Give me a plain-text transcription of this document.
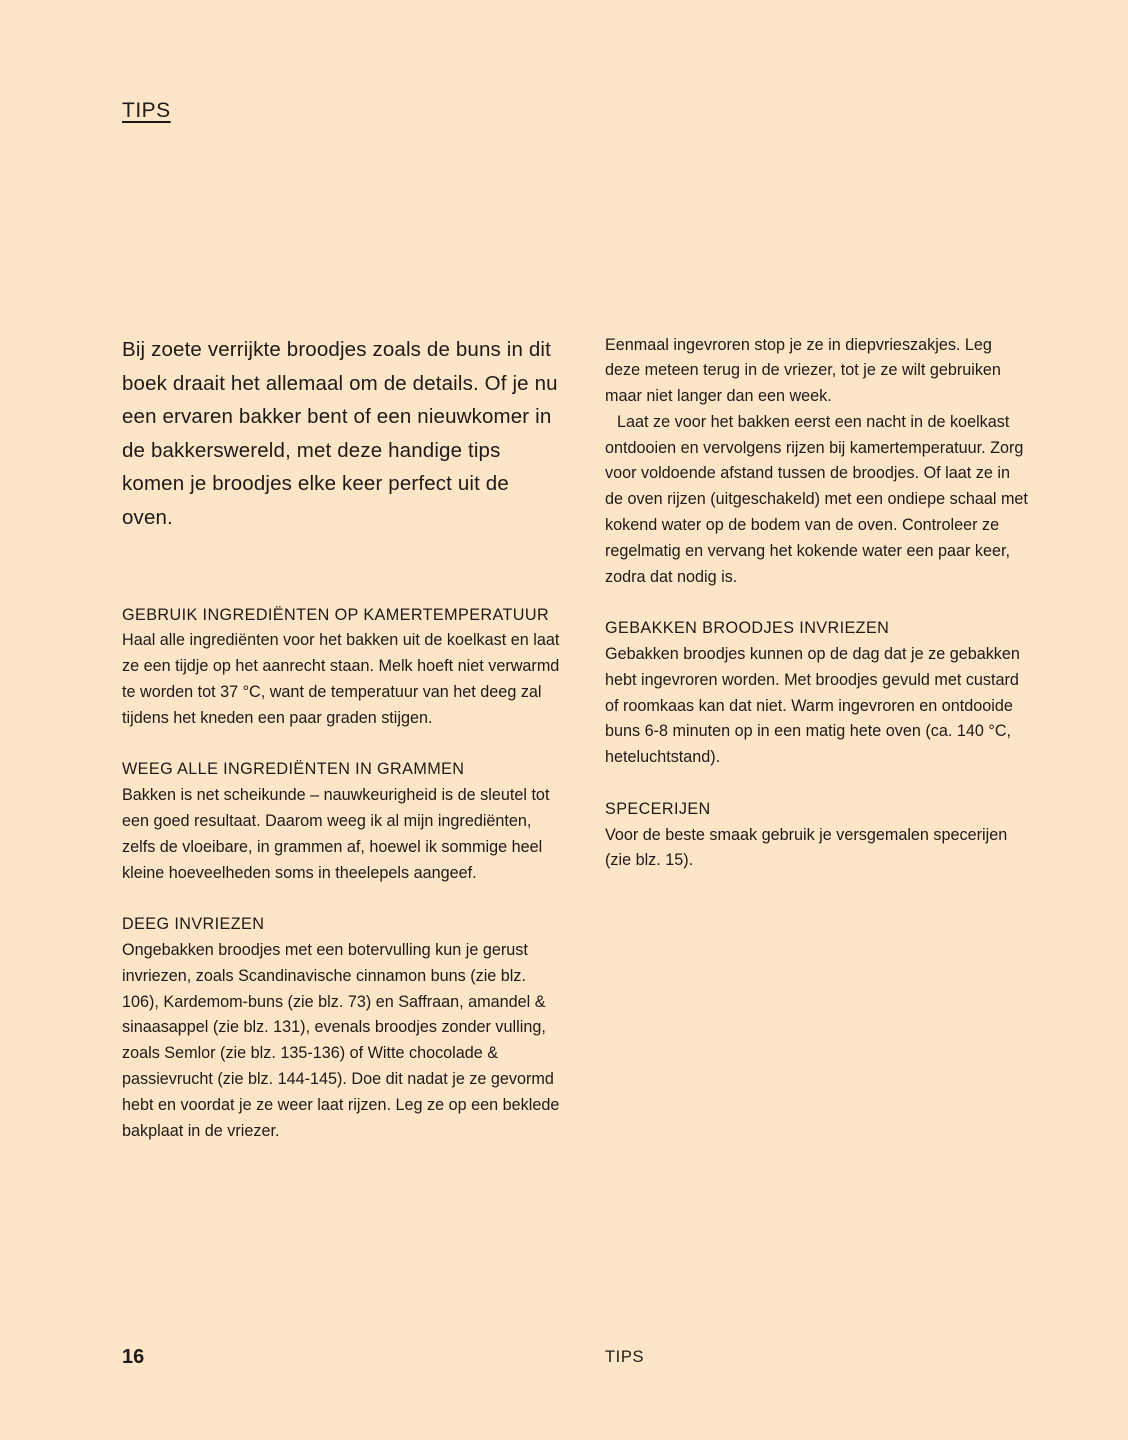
TIPS

Bij zoete verrijkte broodjes zoals de buns in dit boek draait het allemaal om de details. Of je nu een ervaren bakker bent of een nieuwkomer in de bakkerswereld, met deze handige tips komen je broodjes elke keer perfect uit de oven.

GEBRUIK INGREDIËNTEN OP KAMERTEMPERATUUR

Haal alle ingrediënten voor het bakken uit de koelkast en laat ze een tijdje op het aanrecht staan. Melk hoeft niet verwarmd te worden tot 37 °C, want de temperatuur van het deeg zal tijdens het kneden een paar graden stijgen.

WEEG ALLE INGREDIËNTEN IN GRAMMEN

Bakken is net scheikunde – nauwkeurigheid is de sleutel tot een goed resultaat. Daarom weeg ik al mijn ingrediënten, zelfs de vloeibare, in grammen af, hoewel ik sommige heel kleine hoeveelheden soms in theelepels aangeef.

DEEG INVRIEZEN

Ongebakken broodjes met een botervulling kun je gerust invriezen, zoals Scandinavische cinnamon buns (zie blz. 106), Kardemom-buns (zie blz. 73) en Saffraan, amandel & sinaasappel (zie blz. 131), evenals broodjes zonder vulling, zoals Semlor (zie blz. 135-136) of Witte chocolade & passievrucht (zie blz. 144-145). Doe dit nadat je ze gevormd hebt en voordat je ze weer laat rijzen. Leg ze op een beklede bakplaat in de vriezer.

Eenmaal ingevroren stop je ze in diepvrieszakjes. Leg deze meteen terug in de vriezer, tot je ze wilt gebruiken maar niet langer dan een week.

Laat ze voor het bakken eerst een nacht in de koelkast ontdooien en vervolgens rijzen bij kamertemperatuur. Zorg voor voldoende afstand tussen de broodjes. Of laat ze in de oven rijzen (uitgeschakeld) met een ondiepe schaal met kokend water op de bodem van de oven. Controleer ze regelmatig en vervang het kokende water een paar keer, zodra dat nodig is.

GEBAKKEN BROODJES INVRIEZEN

Gebakken broodjes kunnen op de dag dat je ze gebakken hebt ingevroren worden. Met broodjes gevuld met custard of roomkaas kan dat niet. Warm ingevroren en ontdooide buns 6-8 minuten op in een matig hete oven (ca. 140 °C, heteluchtstand).

SPECERIJEN

Voor de beste smaak gebruik je versgemalen specerijen (zie blz. 15).

16	TIPS
